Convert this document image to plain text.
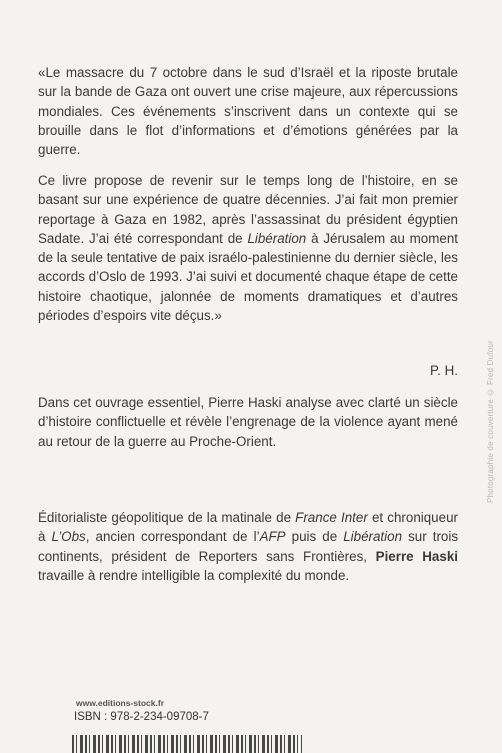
«Le massacre du 7 octobre dans le sud d’Israël et la riposte brutale sur la bande de Gaza ont ouvert une crise majeure, aux répercussions mondiales. Ces événements s’inscrivent dans un contexte qui se brouille dans le flot d’informations et d’émotions générées par la guerre.

Ce livre propose de revenir sur le temps long de l’histoire, en se basant sur une expérience de quatre décennies. J’ai fait mon premier reportage à Gaza en 1982, après l’assassinat du président égyptien Sadate. J’ai été correspondant de Libération à Jérusalem au moment de la seule tentative de paix israélo-palestinienne du dernier siècle, les accords d’Oslo de 1993. J’ai suivi et documenté chaque étape de cette histoire chaotique, jalonnée de moments dramatiques et d’autres périodes d’espoirs vite déçus.»

P. H.

Dans cet ouvrage essentiel, Pierre Haski analyse avec clarté un siècle d’histoire conflictuelle et révèle l’engrenage de la violence ayant mené au retour de la guerre au Proche-Orient.

Éditorialiste géopolitique de la matinale de France Inter et chroniqueur à L’Obs, ancien correspondant de l’AFP puis de Libération sur trois continents, président de Reporters sans Frontières, Pierre Haski travaille à rendre intelligible la complexité du monde.

Photographie de couverture © Fred Dufour
www.editions-stock.fr
ISBN : 978-2-234-09708-7
